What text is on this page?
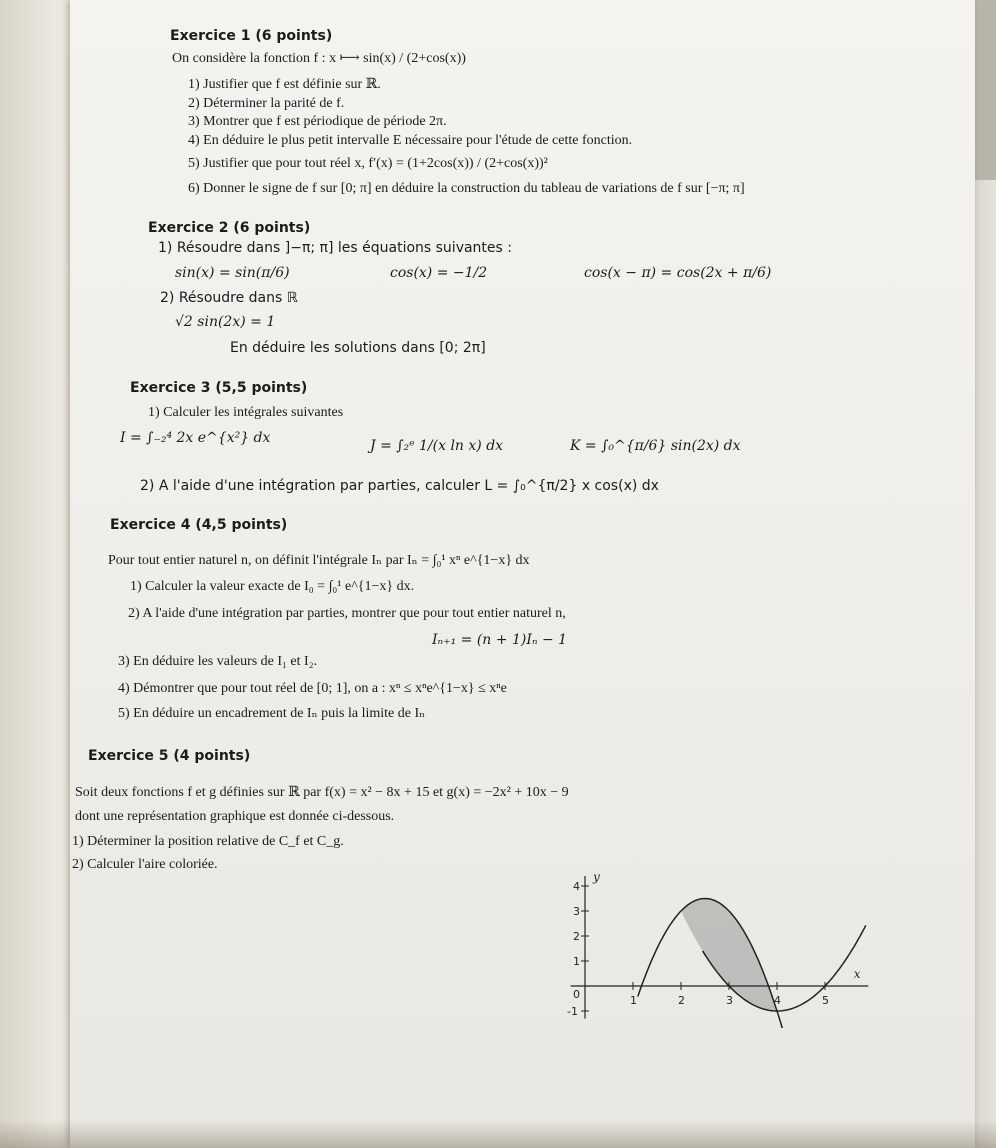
Exercice 1 (6 points)
On considère la fonction f : x ⟼ sin(x) / (2+cos(x))
1) Justifier que f est définie sur ℝ.
2) Déterminer la parité de f.
3) Montrer que f est périodique de période 2π.
4) En déduire le plus petit intervalle E nécessaire pour l'étude de cette fonction.
5) Justifier que pour tout réel x, f′(x) = (1+2cos(x)) / (2+cos(x))²
6) Donner le signe de f sur [0; π] en déduire la construction du tableau de variations de f sur [−π; π]
Exercice 2 (6 points)
1) Résoudre dans ]−π; π] les équations suivantes :
sin(x) = sin(π/6)	cos(x) = −1/2	cos(x − π) = cos(2x + π/6)
2) Résoudre dans ℝ
√2 sin(2x) = 1
En déduire les solutions dans [0; 2π]
Exercice 3 (5,5 points)
1) Calculer les intégrales suivantes
I = ∫₋₂⁴ 2x e^{x²} dx	J = ∫₂ᵉ 1/(x ln x) dx	K = ∫₀^{π/6} sin(2x) dx
2) A l'aide d'une intégration par parties, calculer L = ∫₀^{π/2} x cos(x) dx
Exercice 4 (4,5 points)
Pour tout entier naturel n, on définit l'intégrale Iₙ par Iₙ = ∫₀¹ xⁿ e^{1−x} dx
1) Calculer la valeur exacte de I₀ = ∫₀¹ e^{1−x} dx.
2) A l'aide d'une intégration par parties, montrer que pour tout entier naturel n,
Iₙ₊₁ = (n + 1)Iₙ − 1
3) En déduire les valeurs de I₁ et I₂.
4) Démontrer que pour tout réel de [0; 1], on a : xⁿ ≤ xⁿe^{1−x} ≤ xⁿe
5) En déduire un encadrement de Iₙ puis la limite de Iₙ
Exercice 5 (4 points)
Soit deux fonctions f et g définies sur ℝ par f(x) = x² − 8x + 15 et g(x) = −2x² + 10x − 9
dont une représentation graphique est donnée ci-dessous.
1) Déterminer la position relative de C_f et C_g.
2) Calculer l'aire coloriée.
1	2	3	4	5
-1
0
1
2
3
4
x
y
